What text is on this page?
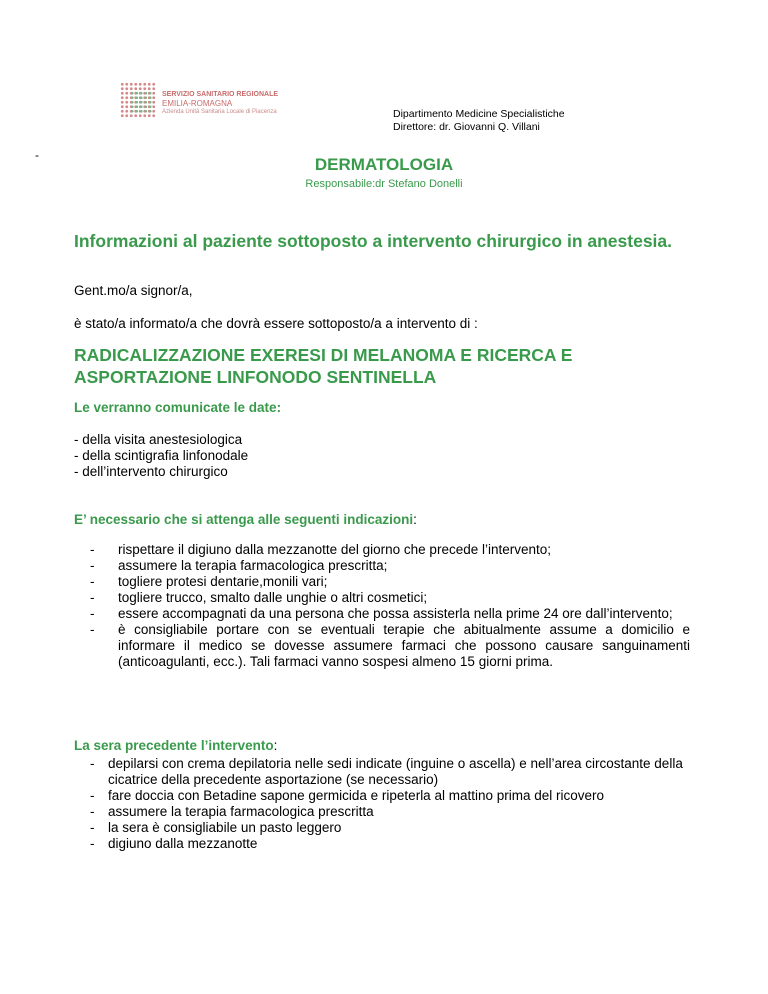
SERVIZIO SANITARIO REGIONALE
EMILIA-ROMAGNA
Azienda Unità Sanitaria Locale di Piacenza	Dipartimento Medicine Specialistiche
Direttore: dr. Giovanni Q. Villani
-	DERMATOLOGIA
Responsabile:dr Stefano Donelli
Informazioni al paziente sottoposto a intervento chirurgico in anestesia.
Gent.mo/a signor/a,
è stato/a informato/a che dovrà essere sottoposto/a a intervento di :
RADICALIZZAZIONE EXERESI DI MELANOMA E RICERCA E
ASPORTAZIONE LINFONODO SENTINELLA
Le verranno comunicate le date:
- della visita anestesiologica
- della scintigrafia linfonodale
- dell’intervento chirurgico
E’ necessario che si attenga alle seguenti indicazioni:
- rispettare il digiuno dalla mezzanotte del giorno che precede l’intervento;
- assumere la terapia farmacologica prescritta;
- togliere protesi dentarie,monili vari;
- togliere trucco, smalto dalle unghie o altri cosmetici;
- essere accompagnati da una persona che possa assisterla nella prime 24 ore dall’intervento;
- è consigliabile portare con se eventuali terapie che abitualmente assume a domicilio e informare il medico se dovesse assumere farmaci che possono causare sanguinamenti (anticoagulanti, ecc.). Tali farmaci vanno sospesi almeno 15 giorni prima.
La sera precedente l’intervento:
- depilarsi con crema depilatoria nelle sedi indicate (inguine o ascella) e nell’area circostante della cicatrice della precedente asportazione (se necessario)
- fare doccia con Betadine sapone germicida e ripeterla al mattino prima del ricovero
- assumere la terapia farmacologica prescritta
- la sera è consigliabile un pasto leggero
- digiuno dalla mezzanotte
